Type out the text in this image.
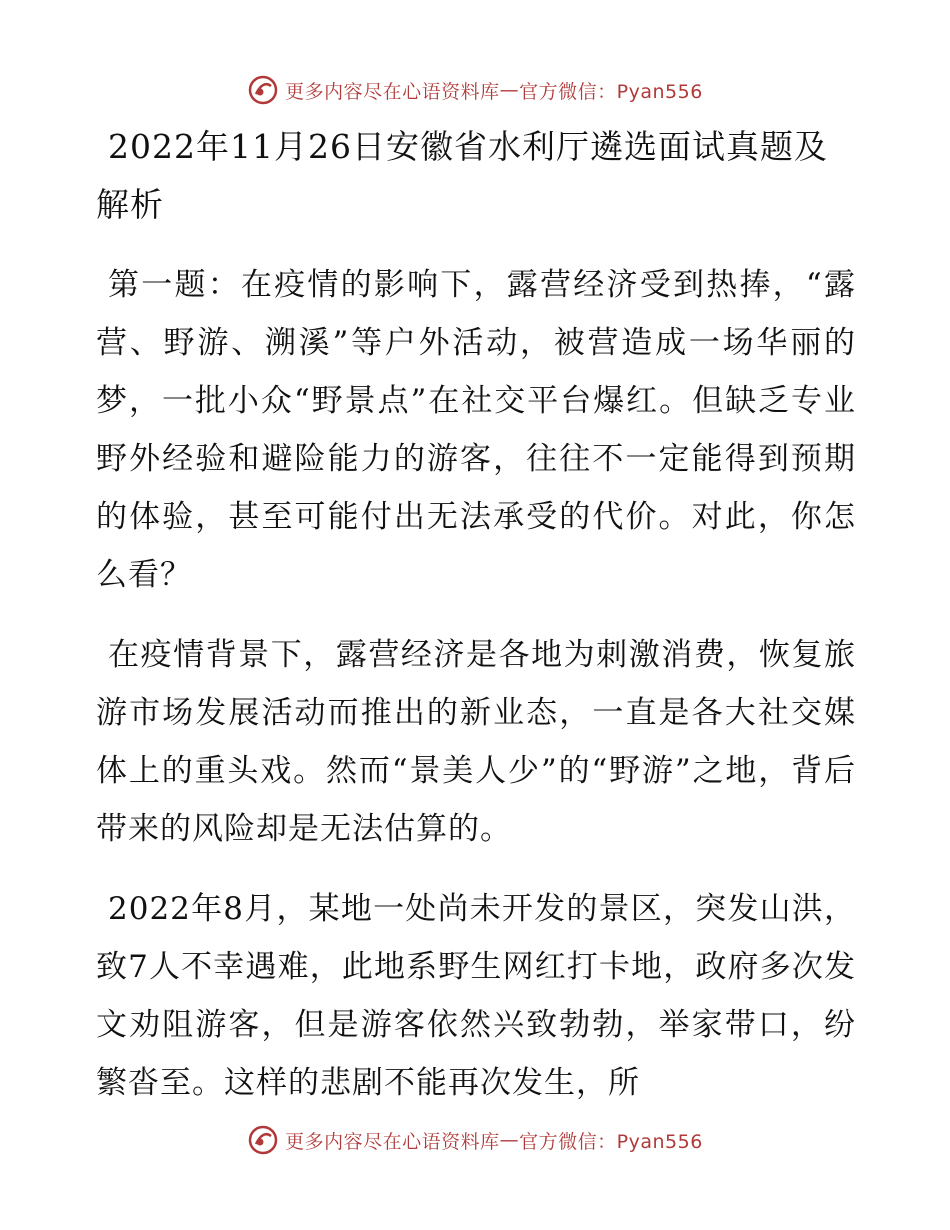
更多内容尽在心语资料库 — 官方微信：Pyan556
2022年11月26日安徽省水利厅遴选面试真题及解析

第一题：在疫情的影响下，露营经济受到热捧，“露营、野游、溯溪”等户外活动，被营造成一场华丽的梦，一批小众“野景点”在社交平台爆红。但缺乏专业野外经验和避险能力的游客，往往不一定能得到预期的体验，甚至可能付出无法承受的代价。对此，你怎么看？

在疫情背景下，露营经济是各地为刺激消费，恢复旅游市场发展活动而推出的新业态，一直是各大社交媒体上的重头戏。然而“景美人少”的“野游”之地，背后带来的风险却是无法估算的。

2022年8月，某地一处尚未开发的景区，突发山洪，致7人不幸遇难，此地系野生网红打卡地，政府多次发文劝阻游客，但是游客依然兴致勃勃，举家带口，纷繁沓至。这样的悲剧不能再次发生，所

更多内容尽在心语资料库 — 官方微信：Pyan556
